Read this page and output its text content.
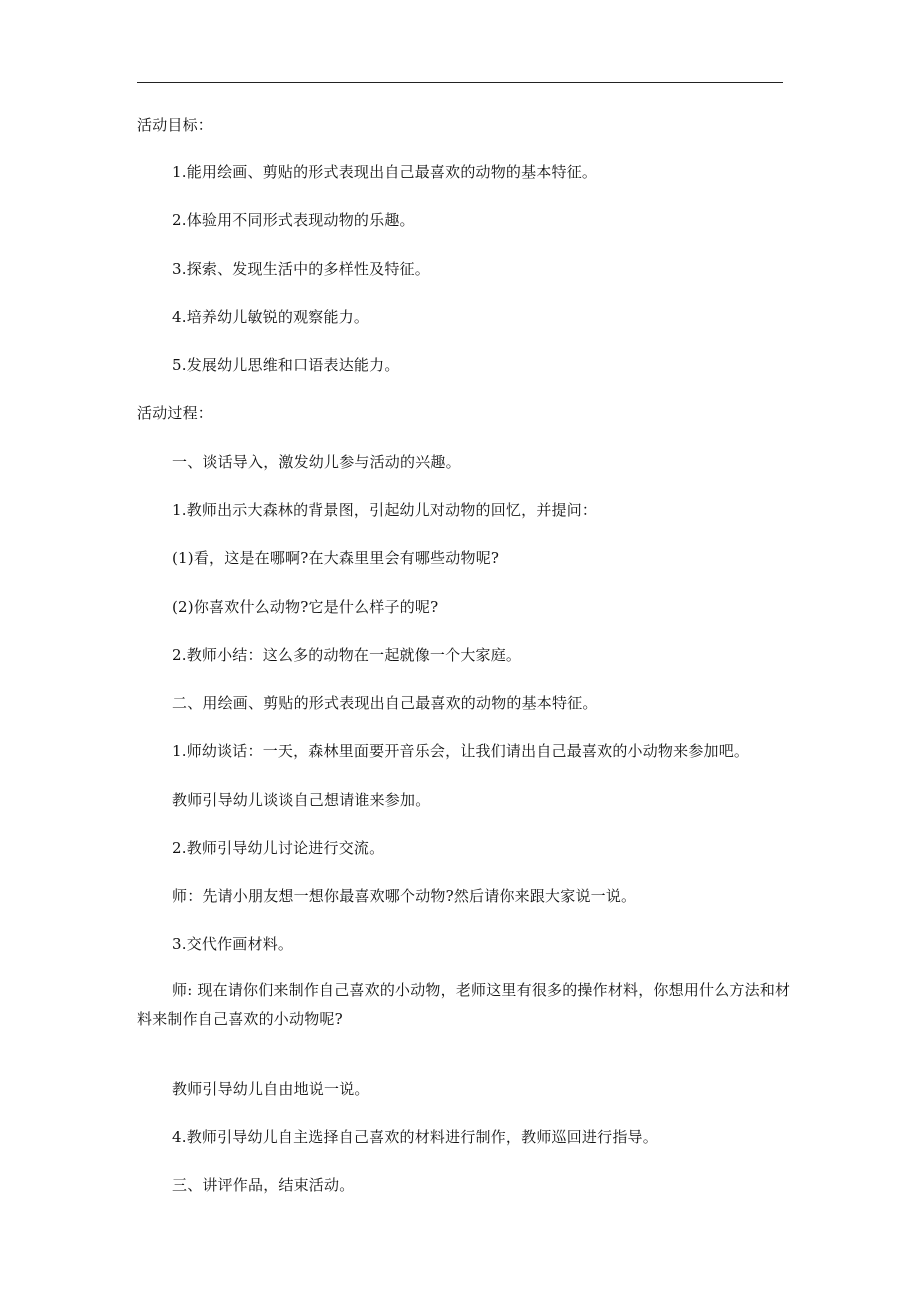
活动目标：
1.能用绘画、剪贴的形式表现出自己最喜欢的动物的基本特征。
2.体验用不同形式表现动物的乐趣。
3.探索、发现生活中的多样性及特征。
4.培养幼儿敏锐的观察能力。
5.发展幼儿思维和口语表达能力。
活动过程：
一、谈话导入，激发幼儿参与活动的兴趣。
1.教师出示大森林的背景图，引起幼儿对动物的回忆，并提问：
(1)看，这是在哪啊?在大森里里会有哪些动物呢?
(2)你喜欢什么动物?它是什么样子的呢?
2.教师小结：这么多的动物在一起就像一个大家庭。
二、用绘画、剪贴的形式表现出自己最喜欢的动物的基本特征。
1.师幼谈话：一天，森林里面要开音乐会，让我们请出自己最喜欢的小动物来参加吧。
教师引导幼儿谈谈自己想请谁来参加。
2.教师引导幼儿讨论进行交流。
师：先请小朋友想一想你最喜欢哪个动物?然后请你来跟大家说一说。
3.交代作画材料。
师: 现在请你们来制作自己喜欢的小动物，老师这里有很多的操作材料，你想用什么方法和材料来制作自己喜欢的小动物呢?
教师引导幼儿自由地说一说。
4.教师引导幼儿自主选择自己喜欢的材料进行制作，教师巡回进行指导。
三、讲评作品，结束活动。
